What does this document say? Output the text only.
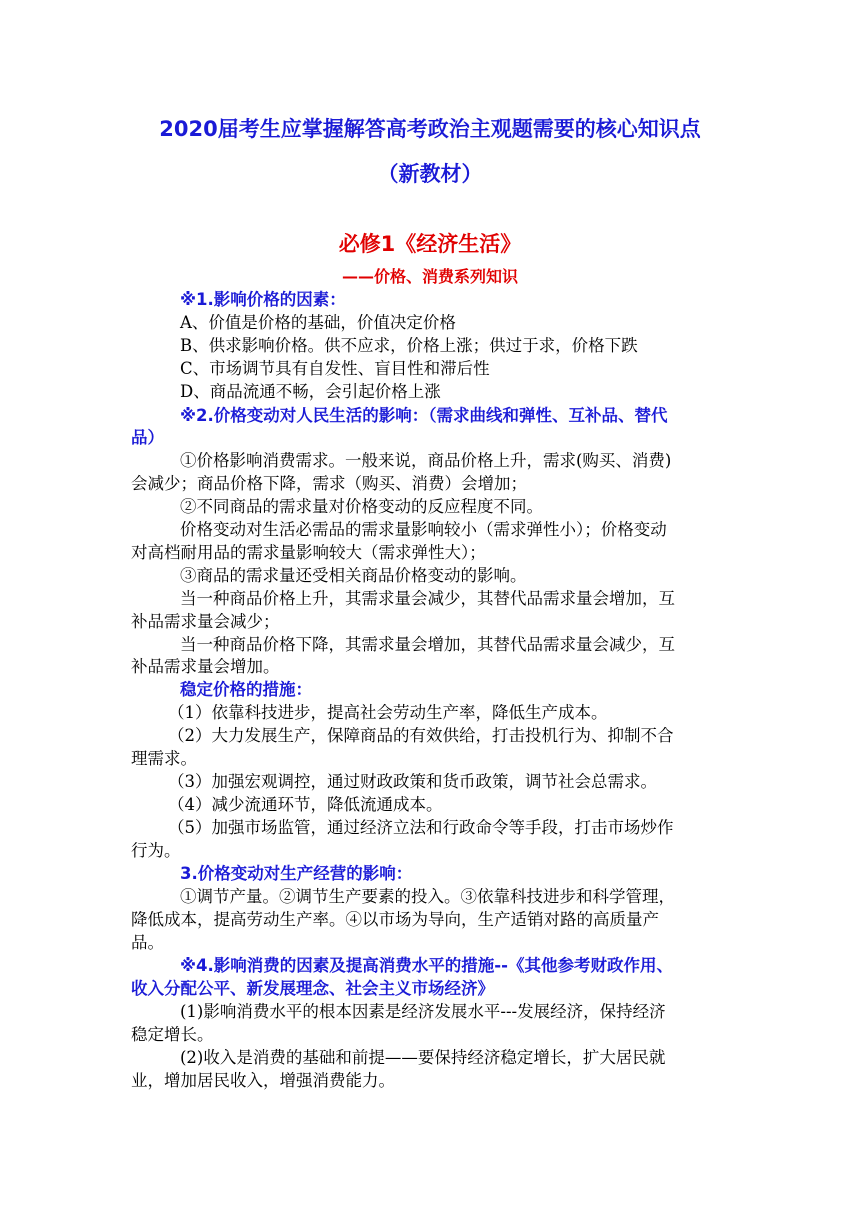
2020届考生应掌握解答高考政治主观题需要的核心知识点
（新教材）
必修1《经济生活》
——价格、消费系列知识
※1.影响价格的因素：
A、价值是价格的基础，价值决定价格
B、供求影响价格。供不应求，价格上涨；供过于求，价格下跌
C、市场调节具有自发性、盲目性和滞后性
D、商品流通不畅，会引起价格上涨
※2.价格变动对人民生活的影响：（需求曲线和弹性、互补品、替代
品）
①价格影响消费需求。一般来说，商品价格上升，需求(购买、消费)
会减少；商品价格下降，需求（购买、消费）会增加；
②不同商品的需求量对价格变动的反应程度不同。
价格变动对生活必需品的需求量影响较小（需求弹性小）；价格变动
对高档耐用品的需求量影响较大（需求弹性大）；
③商品的需求量还受相关商品价格变动的影响。
当一种商品价格上升，其需求量会减少，其替代品需求量会增加，互
补品需求量会减少；
当一种商品价格下降，其需求量会增加，其替代品需求量会减少，互
补品需求量会增加。
稳定价格的措施：
（1）依靠科技进步，提高社会劳动生产率，降低生产成本。
（2）大力发展生产，保障商品的有效供给，打击投机行为、抑制不合
理需求。
（3）加强宏观调控，通过财政政策和货币政策，调节社会总需求。
（4）减少流通环节，降低流通成本。
（5）加强市场监管，通过经济立法和行政命令等手段，打击市场炒作
行为。
3.价格变动对生产经营的影响：
①调节产量。②调节生产要素的投入。③依靠科技进步和科学管理，
降低成本，提高劳动生产率。④以市场为导向，生产适销对路的高质量产
品。
※4.影响消费的因素及提高消费水平的措施--《其他参考财政作用、
收入分配公平、新发展理念、社会主义市场经济》
(1)影响消费水平的根本因素是经济发展水平---发展经济，保持经济
稳定增长。
(2)收入是消费的基础和前提——要保持经济稳定增长，扩大居民就
业，增加居民收入，增强消费能力。
